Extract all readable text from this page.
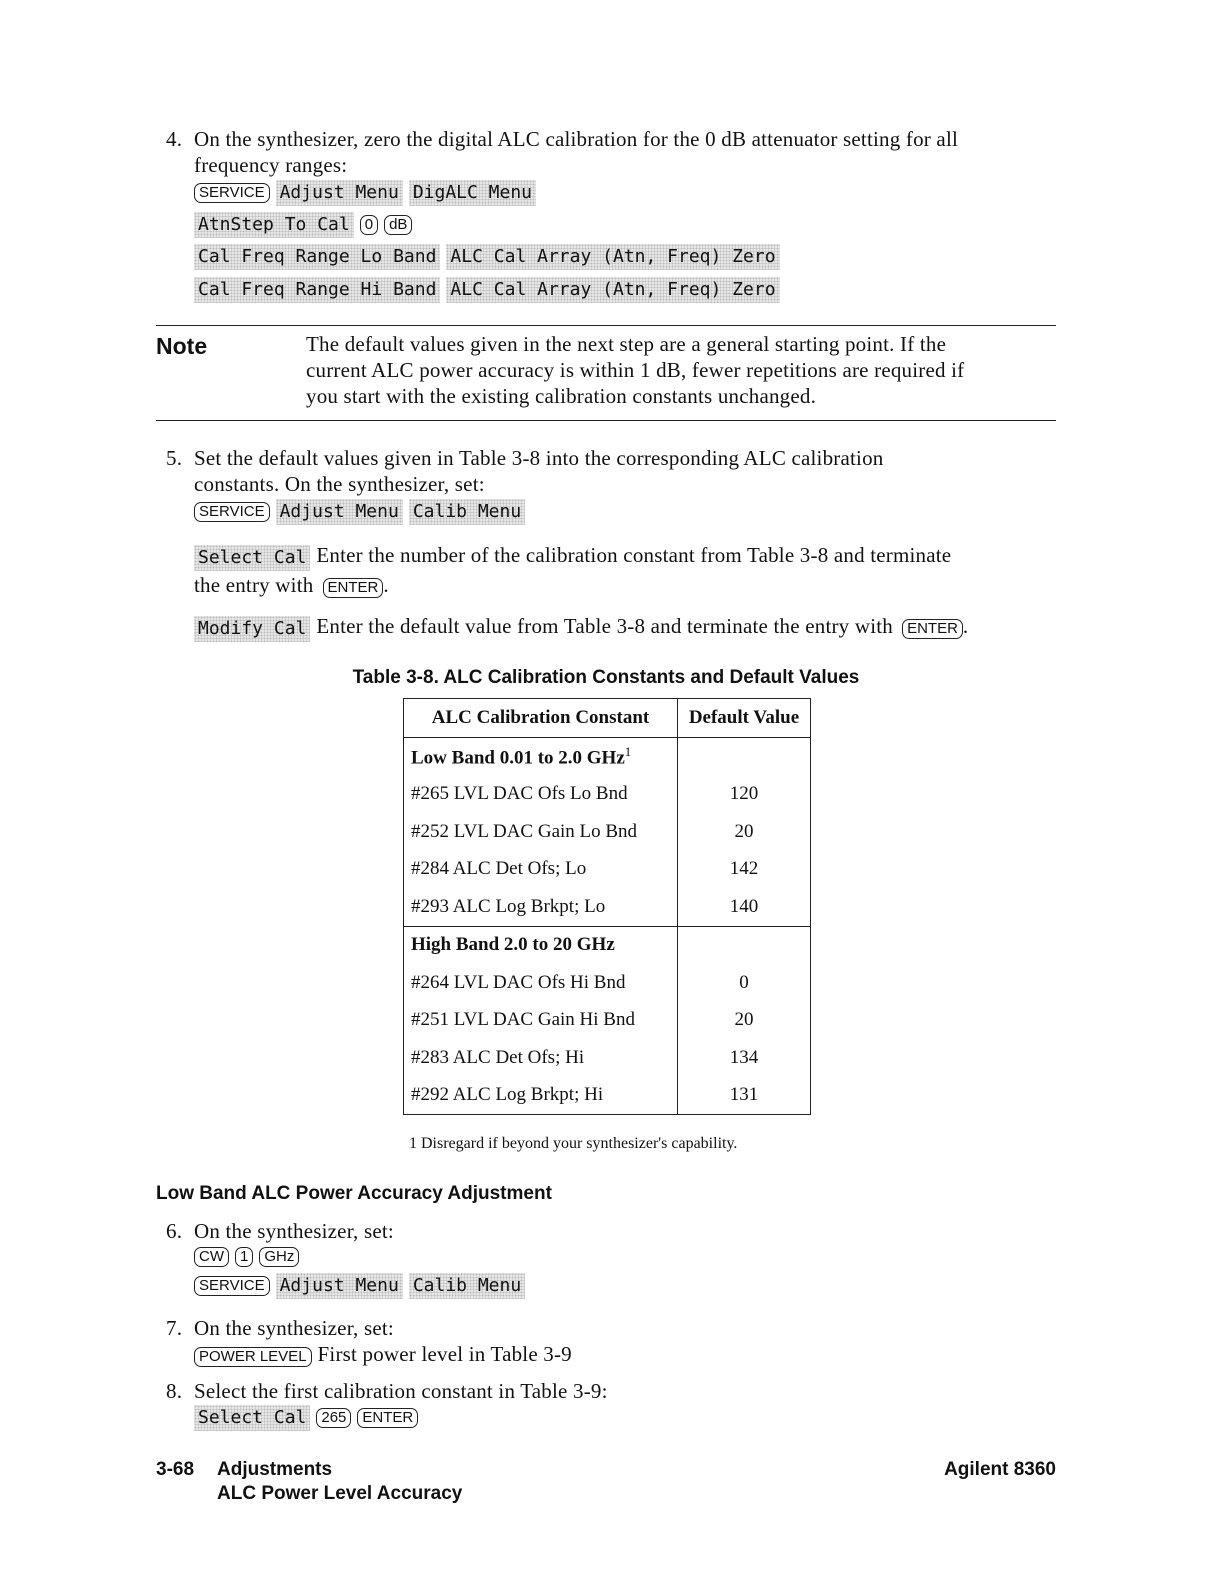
4. On the synthesizer, zero the digital ALC calibration for the 0 dB attenuator setting for all
frequency ranges:
SERVICE Adjust Menu DigALC Menu
AtnStep To Cal 0 dB
Cal Freq Range Lo Band ALC Cal Array (Atn, Freq) Zero
Cal Freq Range Hi Band ALC Cal Array (Atn, Freq) Zero
Note	The default values given in the next step are a general starting point. If the
current ALC power accuracy is within 1 dB, fewer repetitions are required if
you start with the existing calibration constants unchanged.
5. Set the default values given in Table 3-8 into the corresponding ALC calibration
constants. On the synthesizer, set:
SERVICE Adjust Menu Calib Menu
Select Cal Enter the number of the calibration constant from Table 3-8 and terminate
the entry with ENTER .
Modify Cal Enter the default value from Table 3-8 and terminate the entry with ENTER .
Table 3-8. ALC Calibration Constants and Default Values
ALC Calibration Constant	Default Value
Low Band 0.01 to 2.0 GHz$^1$	
#265 LVL DAC Ofs Lo Bnd	120
#252 LVL DAC Gain Lo Bnd	20
#284 ALC Det Ofs; Lo	142
#293 ALC Log Brkpt; Lo	140
High Band 2.0 to 20 GHz	
#264 LVL DAC Ofs Hi Bnd	0
#251 LVL DAC Gain Hi Bnd	20
#283 ALC Det Ofs; Hi	134
#292 ALC Log Brkpt; Hi	131
1 Disregard if beyond your synthesizer's capability.
Low Band ALC Power Accuracy Adjustment
6. On the synthesizer, set:
CW 1 GHz
SERVICE Adjust Menu Calib Menu
7. On the synthesizer, set:
POWER LEVEL First power level in Table 3-9
8. Select the first calibration constant in Table 3-9:
Select Cal 265 ENTER
3-68 Adjustments
ALC Power Level Accuracy
Agilent 8360
